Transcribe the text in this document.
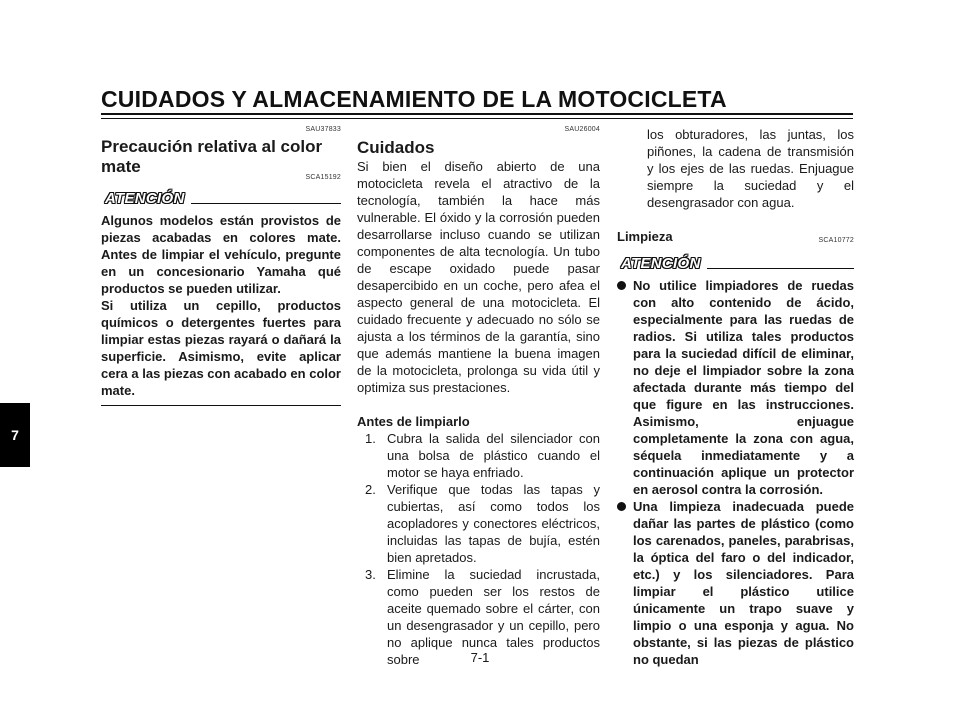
CUIDADOS Y ALMACENAMIENTO DE LA MOTOCICLETA
7
SAU37833
Precaución relativa al color mate
SCA15192
ATENCIÓN

Algunos modelos están provistos de piezas acabadas en colores mate. Antes de limpiar el vehículo, pregunte en un concesionario Yamaha qué productos se pueden utilizar.

Si utiliza un cepillo, productos químicos o detergentes fuertes para limpiar estas piezas rayará o dañará la superficie. Asimismo, evite aplicar cera a las piezas con acabado en color mate.

SAU26004
Cuidados

Si bien el diseño abierto de una motocicleta revela el atractivo de la tecnología, también la hace más vulnerable. El óxido y la corrosión pueden desarrollarse incluso cuando se utilizan componentes de alta tecnología. Un tubo de escape oxidado puede pasar desapercibido en un coche, pero afea el aspecto general de una motocicleta. El cuidado frecuente y adecuado no sólo se ajusta a los términos de la garantía, sino que además mantiene la buena imagen de la motocicleta, prolonga su vida útil y optimiza sus prestaciones.

Antes de limpiarlo

1. Cubra la salida del silenciador con una bolsa de plástico cuando el motor se haya enfriado.
2. Verifique que todas las tapas y cubiertas, así como todos los acopladores y conectores eléctricos, incluidas las tapas de bujía, estén bien apretados.
3. Elimine la suciedad incrustada, como pueden ser los restos de aceite quemado sobre el cárter, con un desengrasador y un cepillo, pero no aplique nunca tales productos sobre

los obturadores, las juntas, los piñones, la cadena de transmisión y los ejes de las ruedas. Enjuague siempre la suciedad y el desengrasador con agua.

Limpieza	SCA10772
ATENCIÓN
No utilice limpiadores de ruedas con alto contenido de ácido, especialmente para las ruedas de radios. Si utiliza tales productos para la suciedad difícil de eliminar, no deje el limpiador sobre la zona afectada durante más tiempo del que figure en las instrucciones. Asimismo, enjuague completamente la zona con agua, séquela inmediatamente y a continuación aplique un protector en aerosol contra la corrosión.
Una limpieza inadecuada puede dañar las partes de plástico (como los carenados, paneles, parabrisas, la óptica del faro o del indicador, etc.) y los silenciadores. Para limpiar el plástico utilice únicamente un trapo suave y limpio o una esponja y agua. No obstante, si las piezas de plástico no quedan
7-1
